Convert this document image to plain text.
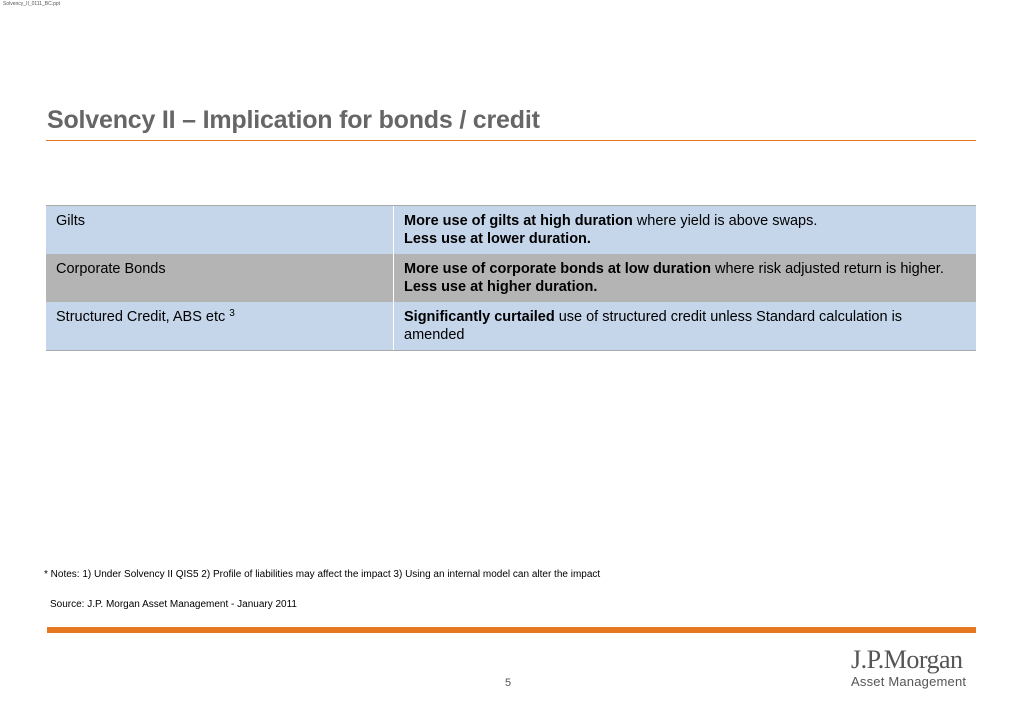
Solvency_II_0111_BC.ppt
Solvency II – Implication for bonds / credit
Gilts	More use of gilts at high duration where yield is above swaps.
Less use at lower duration.
Corporate Bonds	More use of corporate bonds at low duration where risk adjusted return is higher.
Less use at higher duration.
Structured Credit, ABS etc $^3$	Significantly curtailed use of structured credit unless Standard calculation is amended
* Notes: 1) Under Solvency II QIS5 2) Profile of liabilities may affect the impact 3) Using an internal model can alter the impact
Source: J.P. Morgan Asset Management - January 2011
5
J.P.Morgan
Asset Management
